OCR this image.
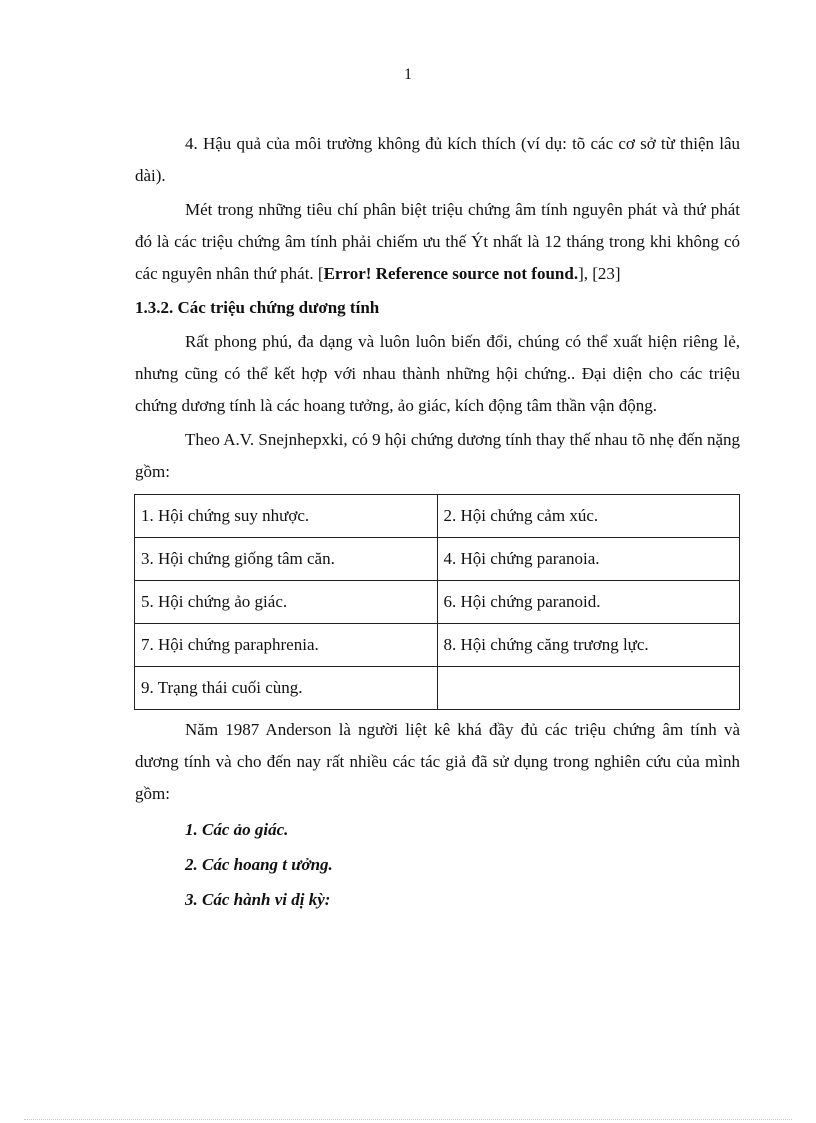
1

4. Hậu quả của môi trường không đủ kích thích (ví dụ: tõ các cơ sở từ thiện lâu dài).

Mét trong những tiêu chí phân biệt triệu chứng âm tính nguyên phát và thứ phát đó là các triệu chứng âm tính phải chiếm ưu thế Ýt nhất là 12 tháng trong khi không có các nguyên nhân thứ phát. [Error! Reference source not found.], [23]

1.3.2. Các triệu chứng dương tính

Rất phong phú, đa dạng và luôn luôn biến đổi, chúng có thể xuất hiện riêng lẻ, nhưng cũng có thể kết hợp với nhau thành những hội chứng.. Đại diện cho các triệu chứng dương tính là các hoang tưởng, ảo giác, kích động tâm thần vận động.

Theo A.V. Snejnhepxki, có 9 hội chứng dương tính thay thế nhau tõ nhẹ đến nặng gồm:

1. Hội chứng suy nhược.	2. Hội chứng cảm xúc.
3. Hội chứng giống tâm căn.	4. Hội chứng paranoia.
5. Hội chứng ảo giác.	6. Hội chứng paranoid.
7. Hội chứng paraphrenia.	8. Hội chứng căng trương lực.
9. Trạng thái cuối cùng.	

Năm 1987 Anderson là người liệt kê khá đầy đủ các triệu chứng âm tính và dương tính và cho đến nay rất nhiều các tác giả đã sử dụng trong nghiên cứu của mình gồm:

1. Các ảo giác.

2. Các hoang t ưởng.

3. Các hành vi dị kỳ:
